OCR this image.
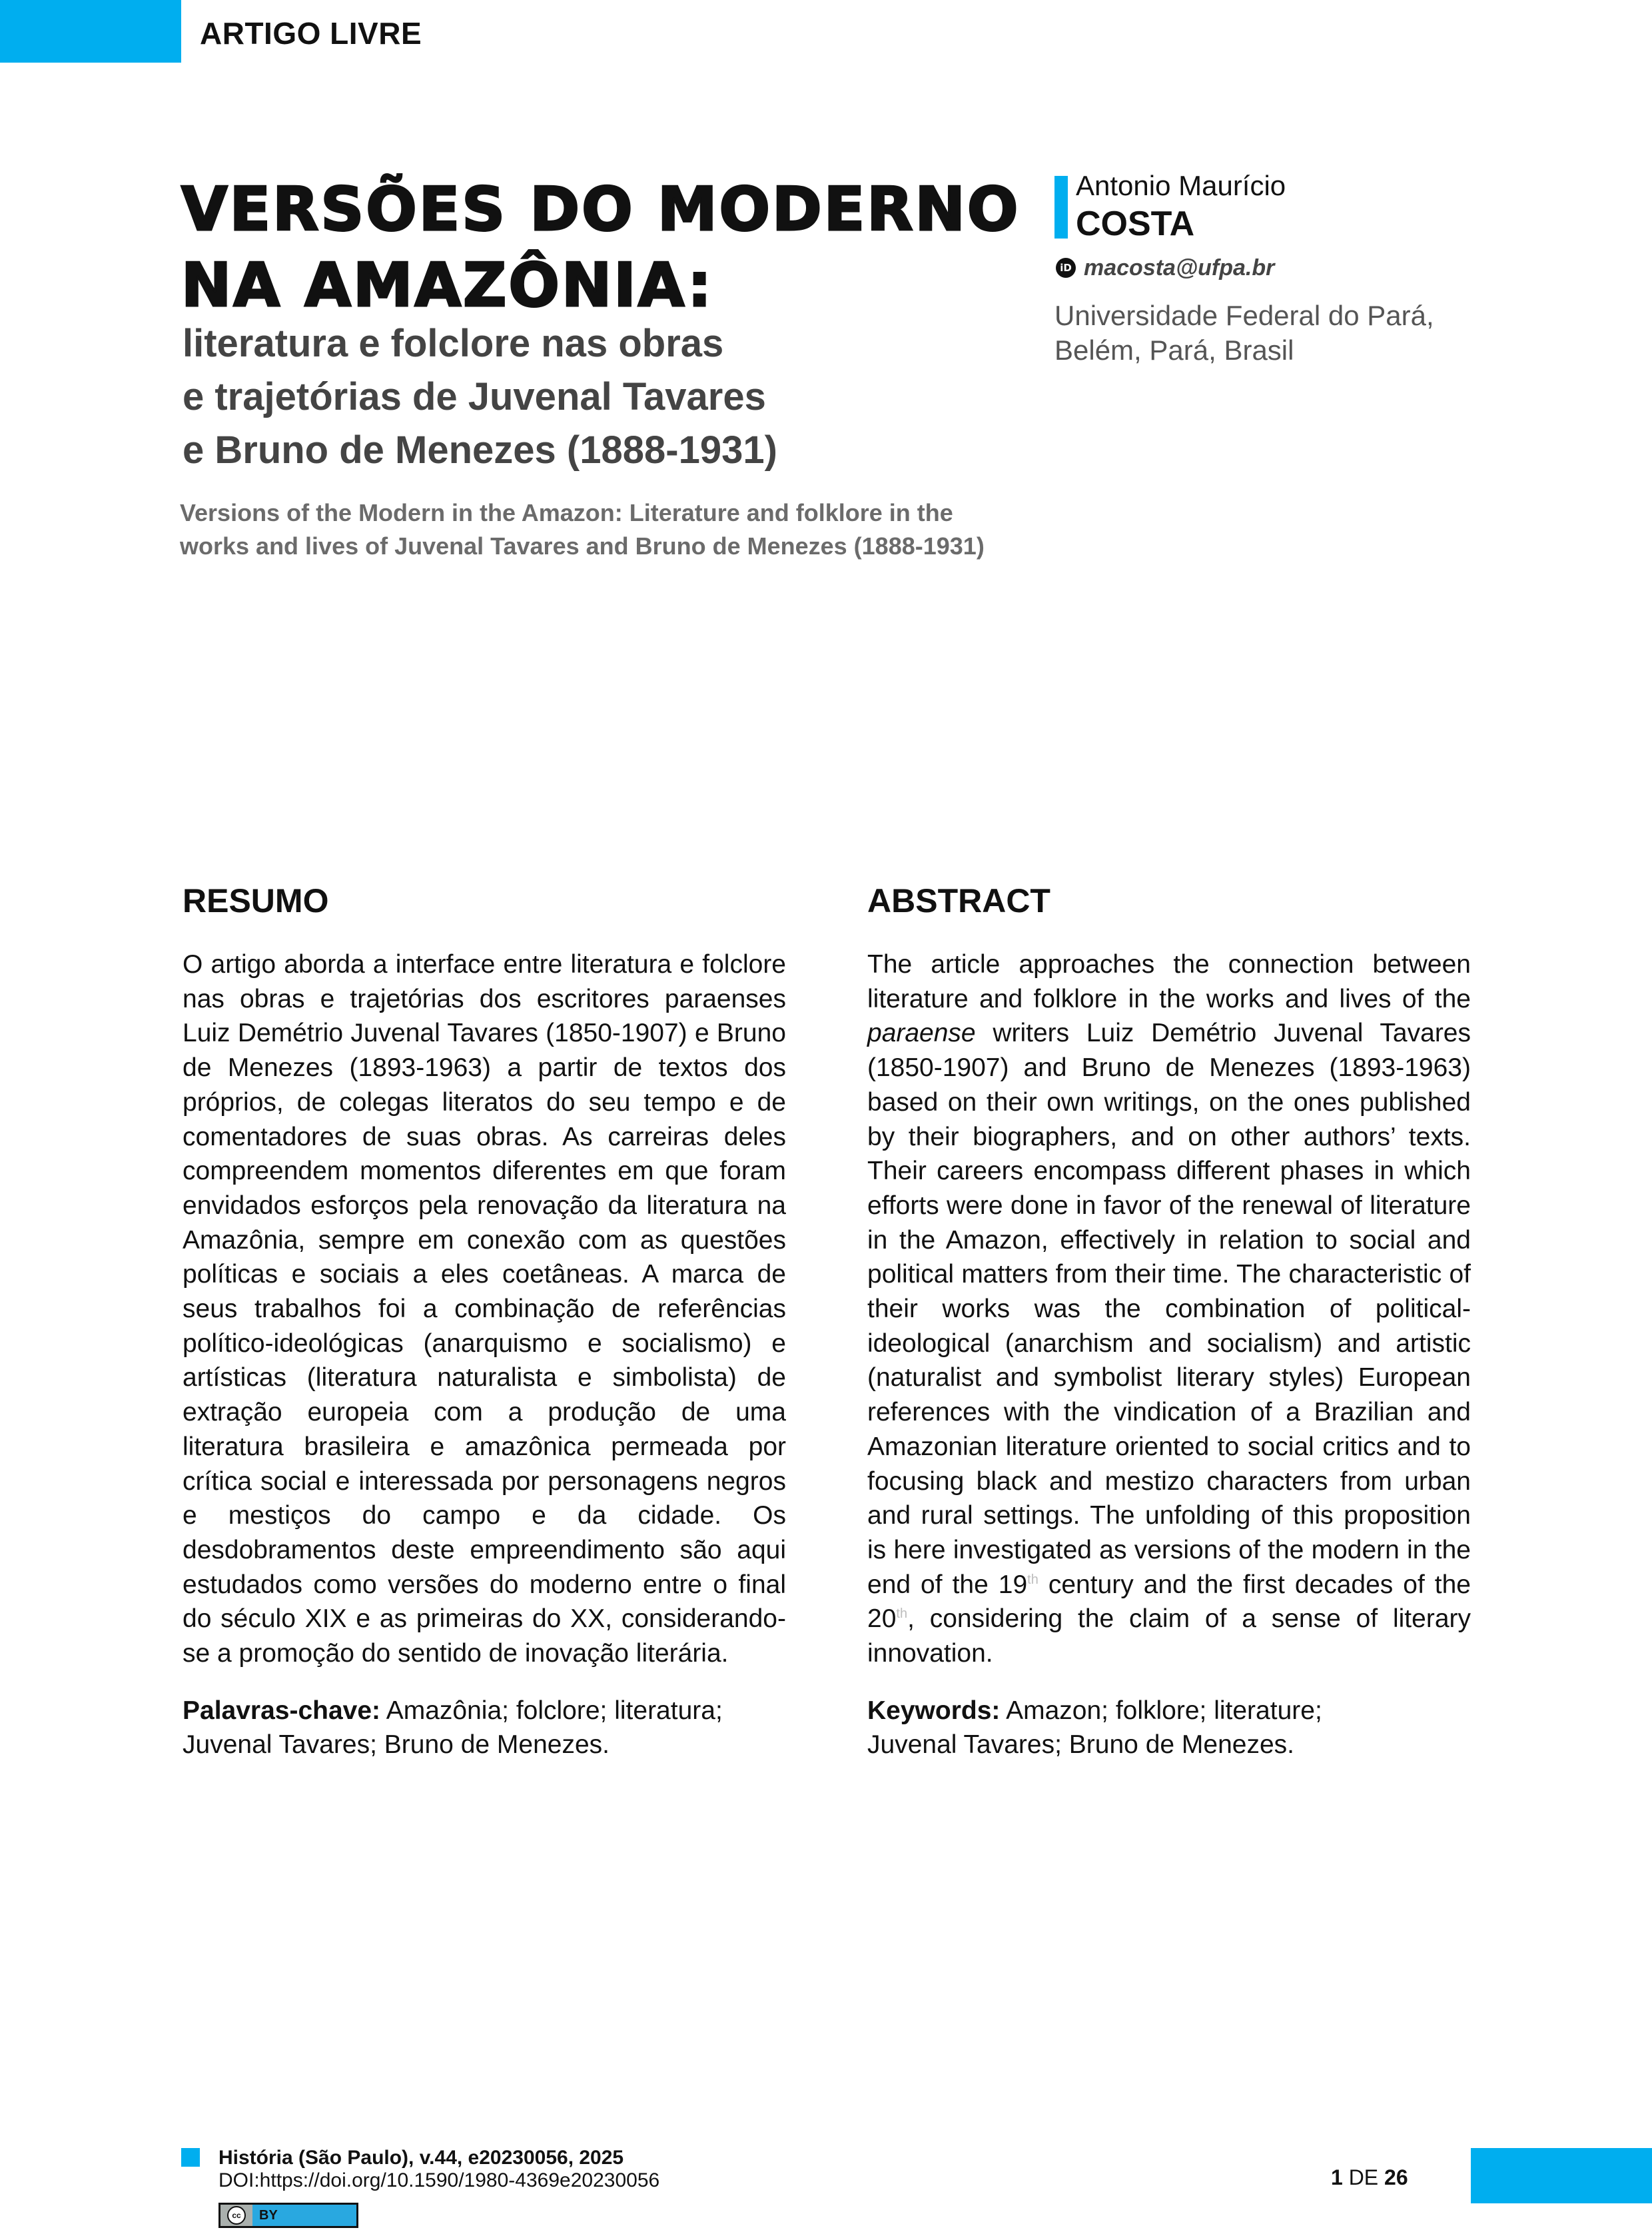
ARTIGO LIVRE
VERSÕES DO MODERNO
NA AMAZÔNIA:
literatura e folclore nas obras
e trajetórias de Juvenal Tavares
e Bruno de Menezes (1888-1931)
Versions of the Modern in the Amazon: Literature and folklore in the
works and lives of Juvenal Tavares and Bruno de Menezes (1888-1931)
Antonio Maurício
COSTA
iD macosta@ufpa.br
Universidade Federal do Pará,
Belém, Pará, Brasil
RESUMO

O artigo aborda a interface entre literatura e folclore nas obras e trajetórias dos escritores paraenses Luiz Demétrio Juvenal Tavares (1850-1907) e Bruno de Menezes (1893-1963) a partir de textos dos próprios, de colegas literatos do seu tempo e de comentadores de suas obras. As carreiras deles compreendem momentos diferentes em que foram envidados esforços pela renovação da literatura na Amazônia, sempre em conexão com as questões políticas e sociais a eles coetâneas. A marca de seus trabalhos foi a combinação de referências político-ideológicas (anarquismo e socialismo) e artísticas (literatura naturalista e simbolista) de extração europeia com a produção de uma literatura brasileira e amazônica permeada por crítica social e interessada por personagens negros e mestiços do campo e da cidade. Os desdobramentos deste empreendimento são aqui estudados como versões do moderno entre o final do século XIX e as primeiras do XX, considerando-se a promoção do sentido de inovação literária.

Palavras-chave: Amazônia; folclore; literatura;
Juvenal Tavares; Bruno de Menezes.
ABSTRACT

The article approaches the connection between literature and folklore in the works and lives of the paraense writers Luiz Demétrio Juvenal Tavares (1850-1907) and Bruno de Menezes (1893-1963) based on their own writings, on the ones published by their biographers, and on other authors’ texts. Their careers encompass different phases in which efforts were done in favor of the renewal of literature in the Amazon, effectively in relation to social and political matters from their time. The characteristic of their works was the combination of political-ideological (anarchism and socialism) and artistic (naturalist and symbolist literary styles) European references with the vindication of a Brazilian and Amazonian literature oriented to social critics and to focusing black and mestizo characters from urban and rural settings. The unfolding of this proposition is here investigated as versions of the modern in the end of the 19th century and the first decades of the 20th, considering the claim of a sense of literary innovation.

Keywords: Amazon; folklore; literature;
Juvenal Tavares; Bruno de Menezes.
História (São Paulo), v.44, e20230056, 2025
DOI:https://doi.org/10.1590/1980-4369e20230056
cc	BY
1 DE 26
